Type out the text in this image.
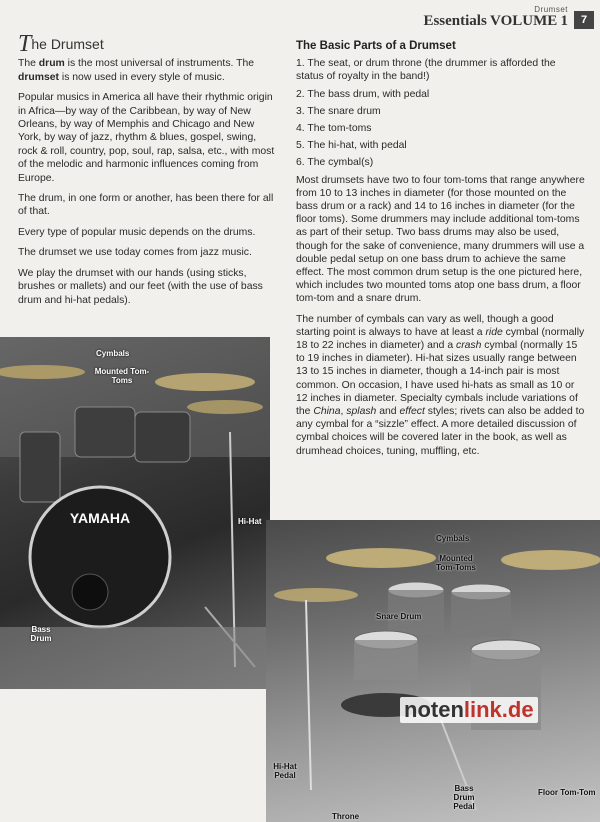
Drumset
Essentials VOLUME 1	7
The Drumset

The drum is the most universal of instruments. The drumset is now used in every style of music.

Popular musics in America all have their rhythmic origin in Africa—by way of the Caribbean, by way of New Orleans, by way of Memphis and Chicago and New York, by way of jazz, rhythm & blues, gospel, swing, rock & roll, country, pop, soul, rap, salsa, etc., with most of the melodic and harmonic influences coming from Europe.

The drum, in one form or another, has been there for all of that.

Every type of popular music depends on the drums.

The drumset we use today comes from jazz music.

We play the drumset with our hands (using sticks, brushes or mallets) and our feet (with the use of bass drum and hi-hat pedals).

The Basic Parts of a Drumset
1. The seat, or drum throne (the drummer is afforded the status of royalty in the band!)
2. The bass drum, with pedal
3. The snare drum
4. The tom-toms
5. The hi-hat, with pedal
6. The cymbal(s)

Most drumsets have two to four tom-toms that range anywhere from 10 to 13 inches in diameter (for those mounted on the bass drum or a rack) and 14 to 16 inches in diameter (for the floor toms). Some drummers may include additional tom-toms as part of their setup. Two bass drums may also be used, though for the sake of convenience, many drummers will use a double pedal setup on one bass drum to achieve the same effect. The most common drum setup is the one pictured here, which includes two mounted toms atop one bass drum, a floor tom-tom and a snare drum.

The number of cymbals can vary as well, though a good starting point is always to have at least a ride cymbal (normally 18 to 22 inches in diameter) and a crash cymbal (normally 15 to 19 inches in diameter). Hi-hat sizes usually range between 13 to 15 inches in diameter, though a 14-inch pair is most common. On occasion, I have used hi-hats as small as 10 or 12 inches in diameter. Specialty cymbals include variations of the China, splash and effect styles; rivets can also be added to any cymbal for a “sizzle” effect. A more detailed discussion of cymbal choices will be covered later in the book, as well as drumhead choices, tuning, muffling, etc.

YAMAHA
Cymbals
Mounted Tom-Toms
Hi-Hat
Bass Drum
Cymbals
Mounted Tom-Toms
Snare Drum
Hi-Hat Pedal
Throne
Bass Drum Pedal
Floor Tom-Tom
noten link.de
